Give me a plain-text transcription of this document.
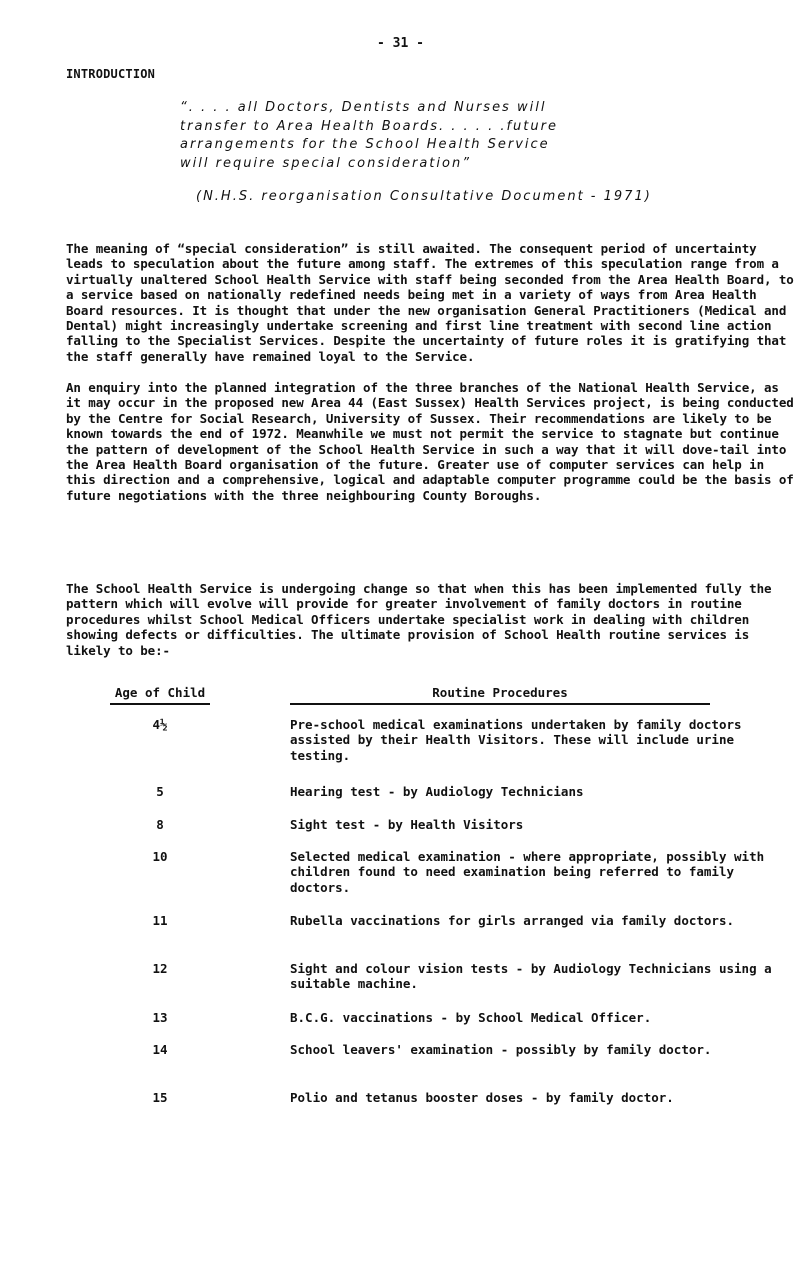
- 31 -
INTRODUCTION

“. . . . all Doctors, Dentists and Nurses will

transfer to Area Health Boards. . . . . .future

arrangements for the School Health Service

will require special consideration”

(N.H.S. reorganisation Consultative Document - 1971)

The meaning of “special consideration” is still awaited. The consequent period of uncertainty leads to speculation about the future among staff. The extremes of this speculation range from a virtually unaltered School Health Service with staff being seconded from the Area Health Board, to a service based on nationally redefined needs being met in a variety of ways from Area Health Board resources. It is thought that under the new organisation General Practitioners (Medical and Dental) might increasingly undertake screening and first line treatment with second line action falling to the Specialist Services. Despite the uncertainty of future roles it is gratifying that the staff generally have remained loyal to the Service.

An enquiry into the planned integration of the three branches of the National Health Service, as it may occur in the proposed new Area 44 (East Sussex) Health Services project, is being conducted by the Centre for Social Research, University of Sussex. Their recommendations are likely to be known towards the end of 1972. Meanwhile we must not permit the service to stagnate but continue the pattern of development of the School Health Service in such a way that it will dove-tail into the Area Health Board organisation of the future. Greater use of computer services can help in this direction and a comprehensive, logical and adaptable computer programme could be the basis of future negotiations with the three neighbouring County Boroughs.

The School Health Service is undergoing change so that when this has been implemented fully the pattern which will evolve will provide for greater involvement of family doctors in routine procedures whilst School Medical Officers undertake specialist work in dealing with children showing defects or difficulties. The ultimate provision of School Health routine services is likely to be:-

Age of Child	Routine Procedures
4½	Pre-school medical examinations undertaken by family doctors assisted by their Health Visitors. These will include urine testing.
5	Hearing test - by Audiology Technicians
8	Sight test - by Health Visitors
10	Selected medical examination - where appropriate, possibly with children found to need examination being referred to family doctors.
11	Rubella vaccinations for girls arranged via family doctors.
12	Sight and colour vision tests - by Audiology Technicians using a suitable machine.
13	B.C.G. vaccinations - by School Medical Officer.
14	School leavers' examination - possibly by family doctor.
15	Polio and tetanus booster doses - by family doctor.
